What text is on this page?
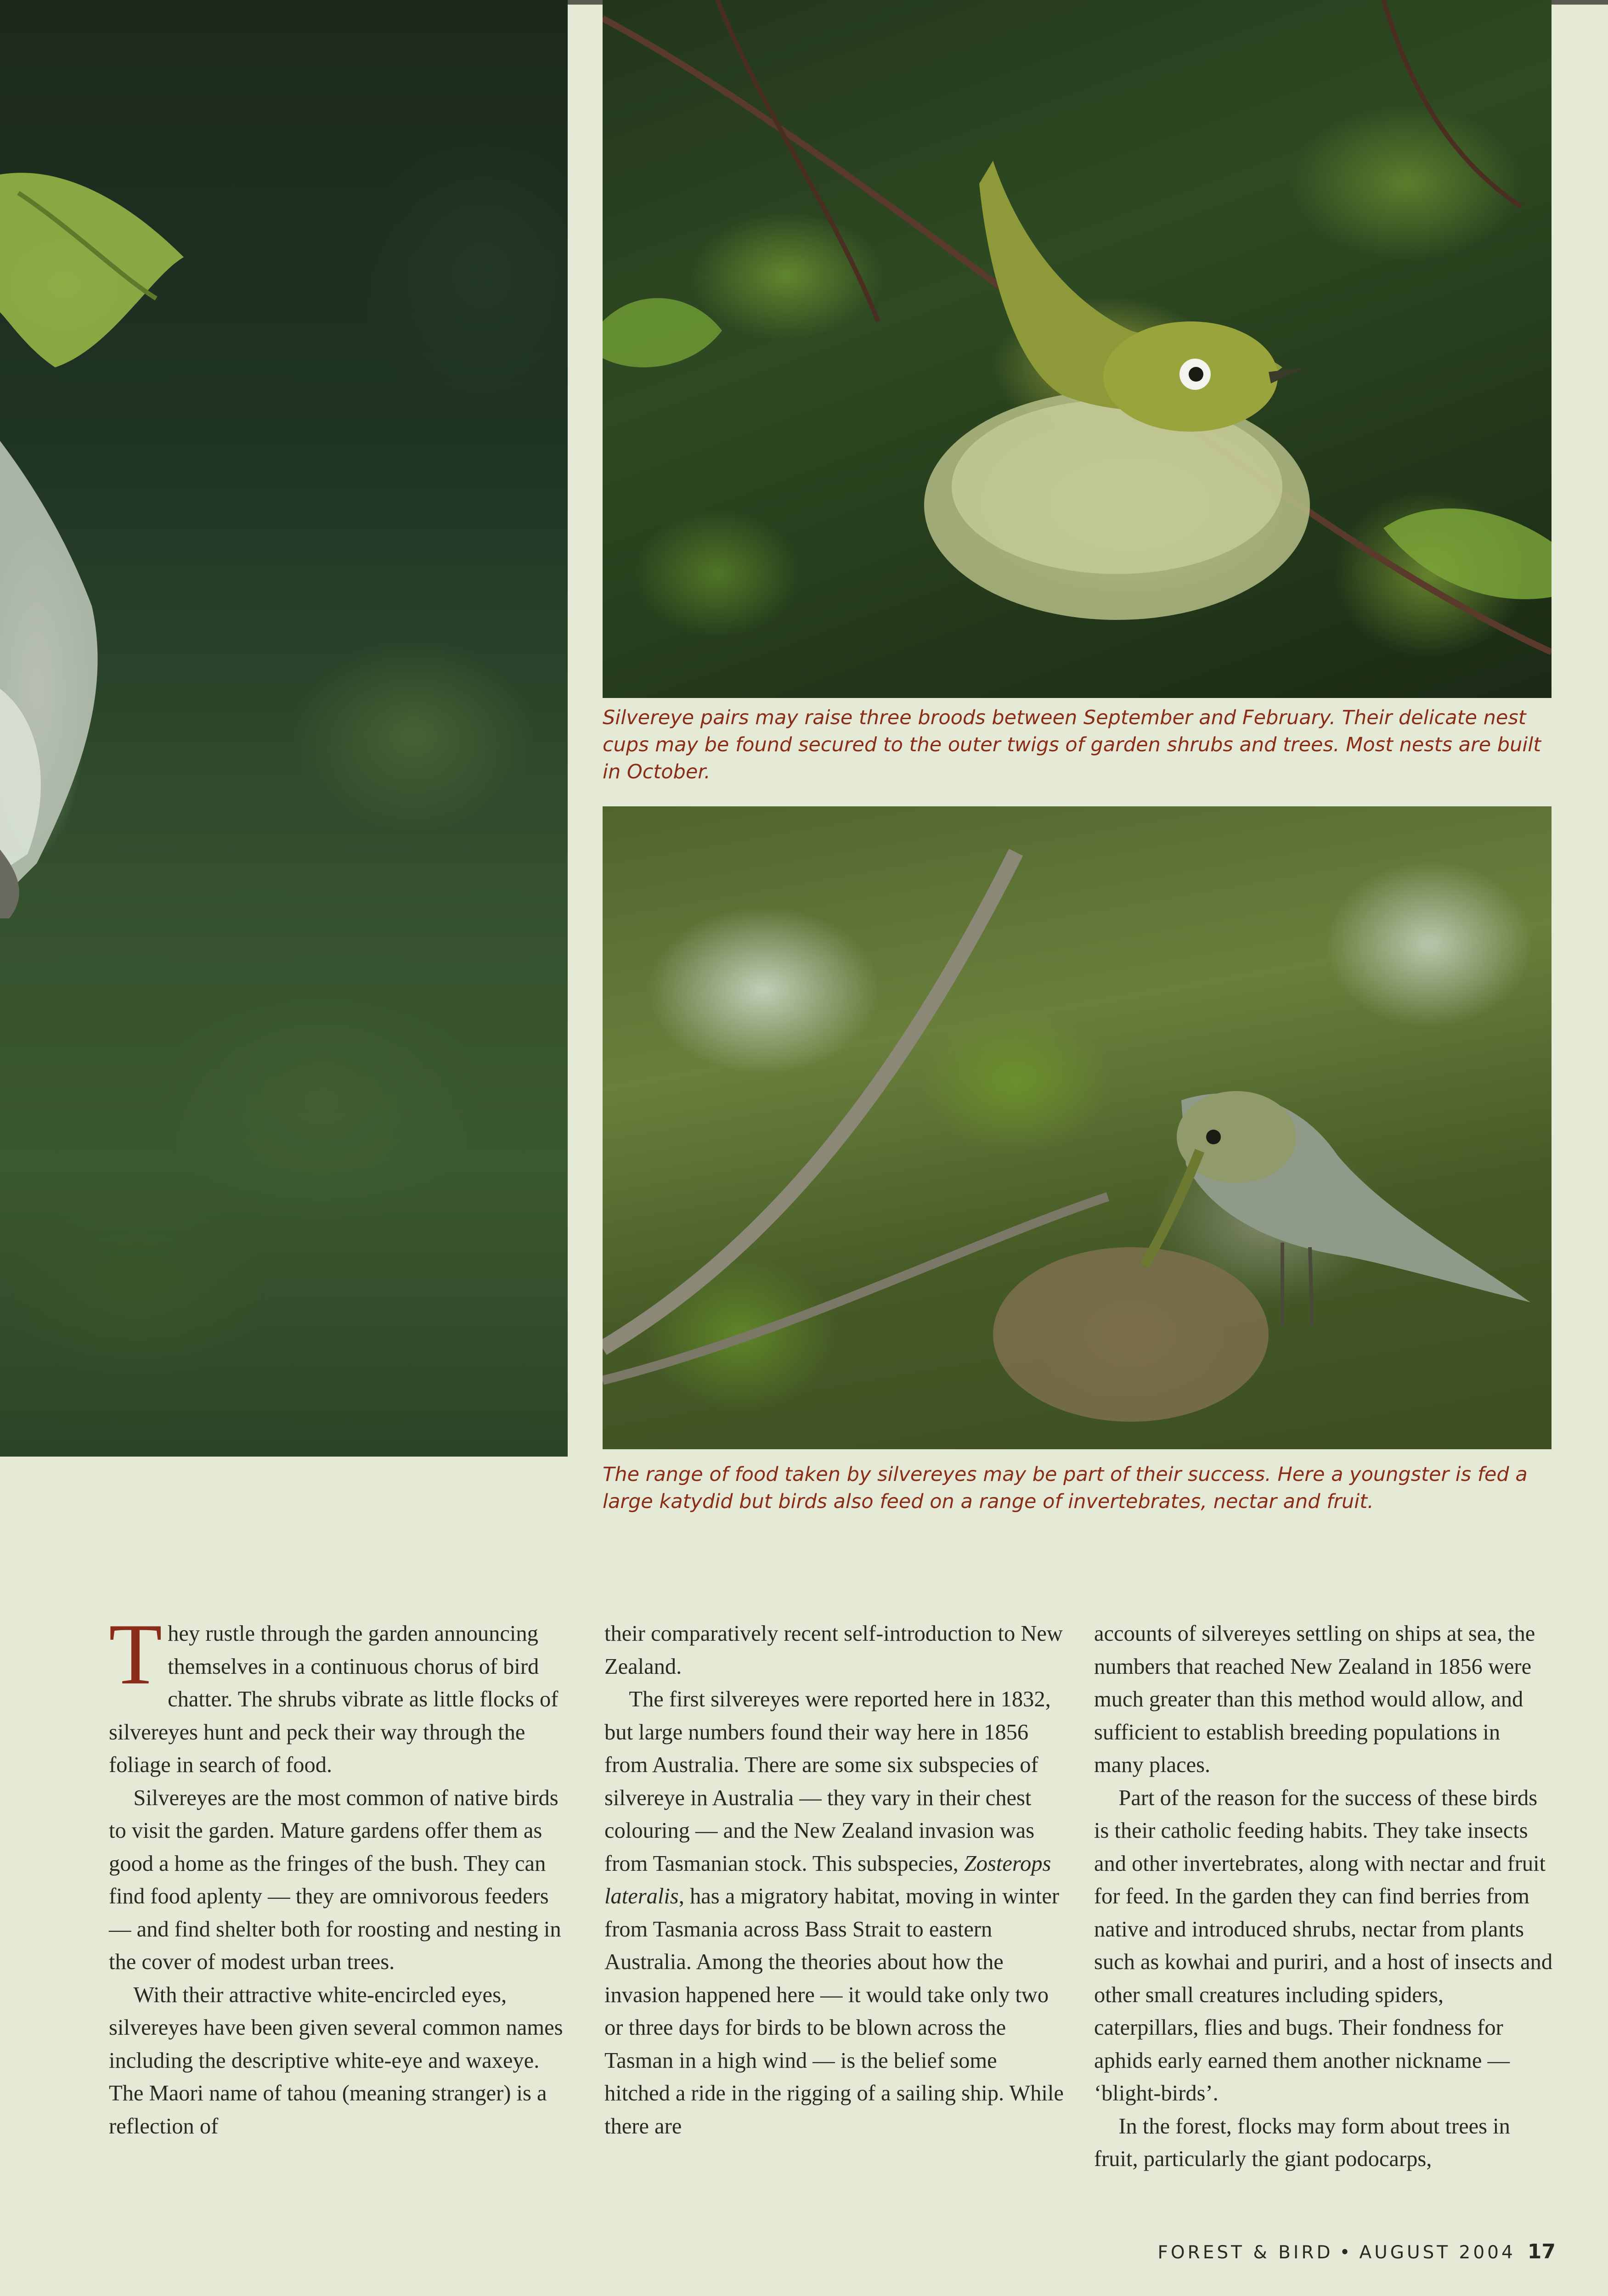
Silvereye pairs may raise three broods between September and February. Their delicate nest cups may be found secured to the outer twigs of garden shrubs and trees. Most nests are built in October.

The range of food taken by silvereyes may be part of their success. Here a youngster is fed a large katydid but birds also feed on a range of invertebrates, nectar and fruit.

They rustle through the garden announcing themselves in a continuous chorus of bird chatter. The shrubs vibrate as little flocks of silvereyes hunt and peck their way through the foliage in search of food.

Silvereyes are the most common of native birds to visit the garden. Mature gardens offer them as good a home as the fringes of the bush. They can find food aplenty — they are omnivorous feeders — and find shelter both for roosting and nesting in the cover of modest urban trees.

With their attractive white-encircled eyes, silvereyes have been given several common names including the descriptive white-eye and waxeye. The Maori name of tahou (meaning stranger) is a reflection of

their comparatively recent self-introduction to New Zealand.

The first silvereyes were reported here in 1832, but large numbers found their way here in 1856 from Australia. There are some six subspecies of silvereye in Australia — they vary in their chest colouring — and the New Zealand invasion was from Tasmanian stock. This subspecies, Zosterops lateralis, has a migratory habitat, moving in winter from Tasmania across Bass Strait to eastern Australia. Among the theories about how the invasion happened here — it would take only two or three days for birds to be blown across the Tasman in a high wind — is the belief some hitched a ride in the rigging of a sailing ship. While there are

accounts of silvereyes settling on ships at sea, the numbers that reached New Zealand in 1856 were much greater than this method would allow, and sufficient to establish breeding populations in many places.

Part of the reason for the success of these birds is their catholic feeding habits. They take insects and other invertebrates, along with nectar and fruit for feed. In the garden they can find berries from native and introduced shrubs, nectar from plants such as kowhai and puriri, and a host of insects and other small creatures including spiders, caterpillars, flies and bugs. Their fondness for aphids early earned them another nickname — ‘blight-birds’.

In the forest, flocks may form about trees in fruit, particularly the giant podocarps,

FOREST & BIRD • AUGUST 2004 17
